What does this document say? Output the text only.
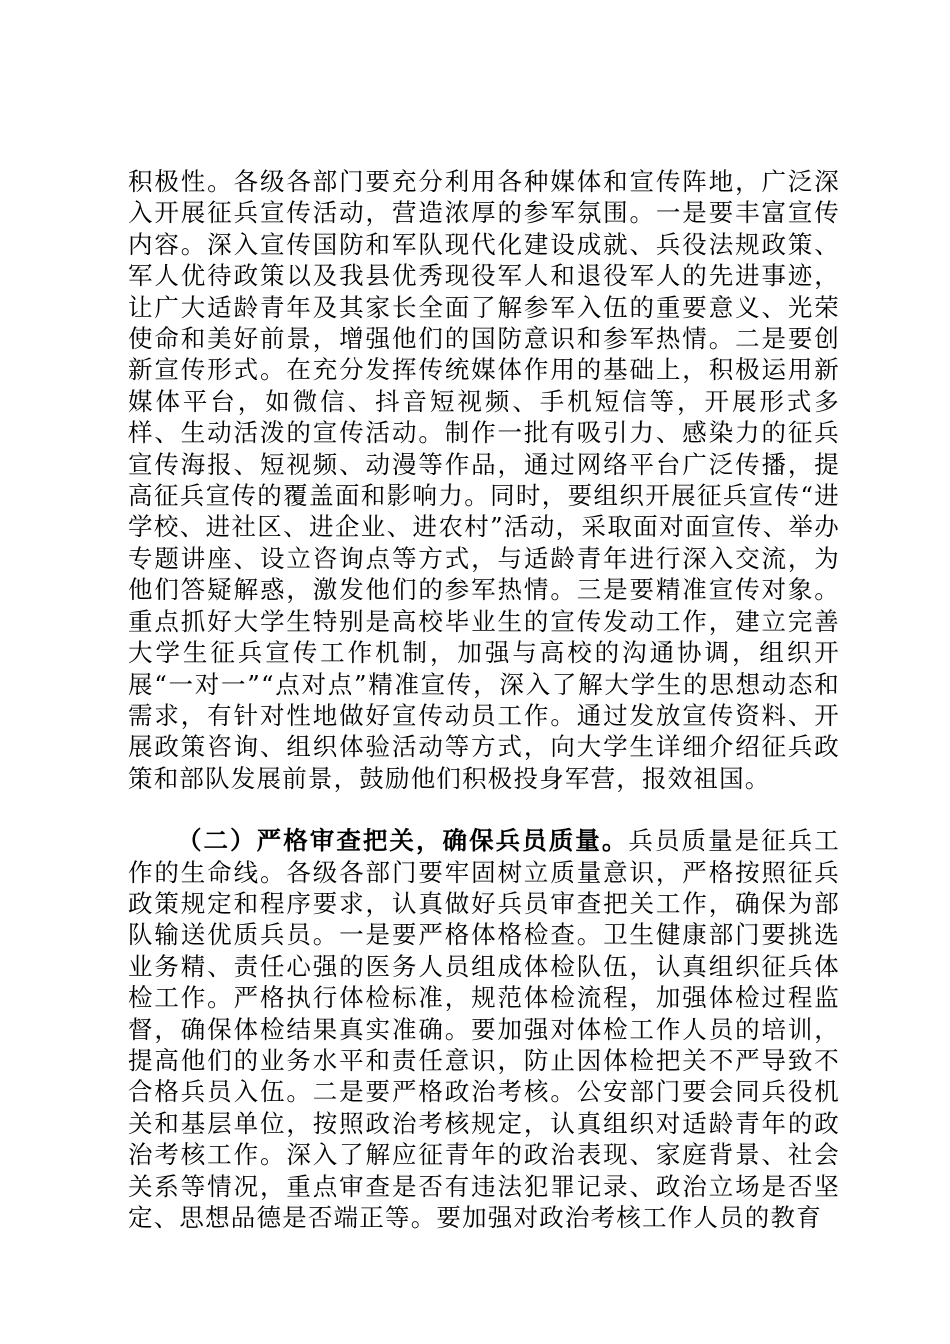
积极性。各级各部门要充分利用各种媒体和宣传阵地，广泛深入开展征兵宣传活动，营造浓厚的参军氛围。一是要丰富宣传内容。深入宣传国防和军队现代化建设成就、兵役法规政策、军人优待政策以及我县优秀现役军人和退役军人的先进事迹，让广大适龄青年及其家长全面了解参军入伍的重要意义、光荣使命和美好前景，增强他们的国防意识和参军热情。二是要创新宣传形式。在充分发挥传统媒体作用的基础上，积极运用新媒体平台，如微信、抖音短视频、手机短信等，开展形式多样、生动活泼的宣传活动。制作一批有吸引力、感染力的征兵宣传海报、短视频、动漫等作品，通过网络平台广泛传播，提高征兵宣传的覆盖面和影响力。同时，要组织开展征兵宣传“进学校、进社区、进企业、进农村”活动，采取面对面宣传、举办专题讲座、设立咨询点等方式，与适龄青年进行深入交流，为他们答疑解惑，激发他们的参军热情。三是要精准宣传对象。重点抓好大学生特别是高校毕业生的宣传发动工作，建立完善大学生征兵宣传工作机制，加强与高校的沟通协调，组织开展“一对一”“点对点”精准宣传，深入了解大学生的思想动态和需求，有针对性地做好宣传动员工作。通过发放宣传资料、开展政策咨询、组织体验活动等方式，向大学生详细介绍征兵政策和部队发展前景，鼓励他们积极投身军营，报效祖国。

（二）严格审查把关，确保兵员质量。兵员质量是征兵工作的生命线。各级各部门要牢固树立质量意识，严格按照征兵政策规定和程序要求，认真做好兵员审查把关工作，确保为部队输送优质兵员。一是要严格体格检查。卫生健康部门要挑选业务精、责任心强的医务人员组成体检队伍，认真组织征兵体检工作。严格执行体检标准，规范体检流程，加强体检过程监督，确保体检结果真实准确。要加强对体检工作人员的培训，提高他们的业务水平和责任意识，防止因体检把关不严导致不合格兵员入伍。二是要严格政治考核。公安部门要会同兵役机关和基层单位，按照政治考核规定，认真组织对适龄青年的政治考核工作。深入了解应征青年的政治表现、家庭背景、社会关系等情况，重点审查是否有违法犯罪记录、政治立场是否坚定、思想品德是否端正等。要加强对政治考核工作人员的教育
